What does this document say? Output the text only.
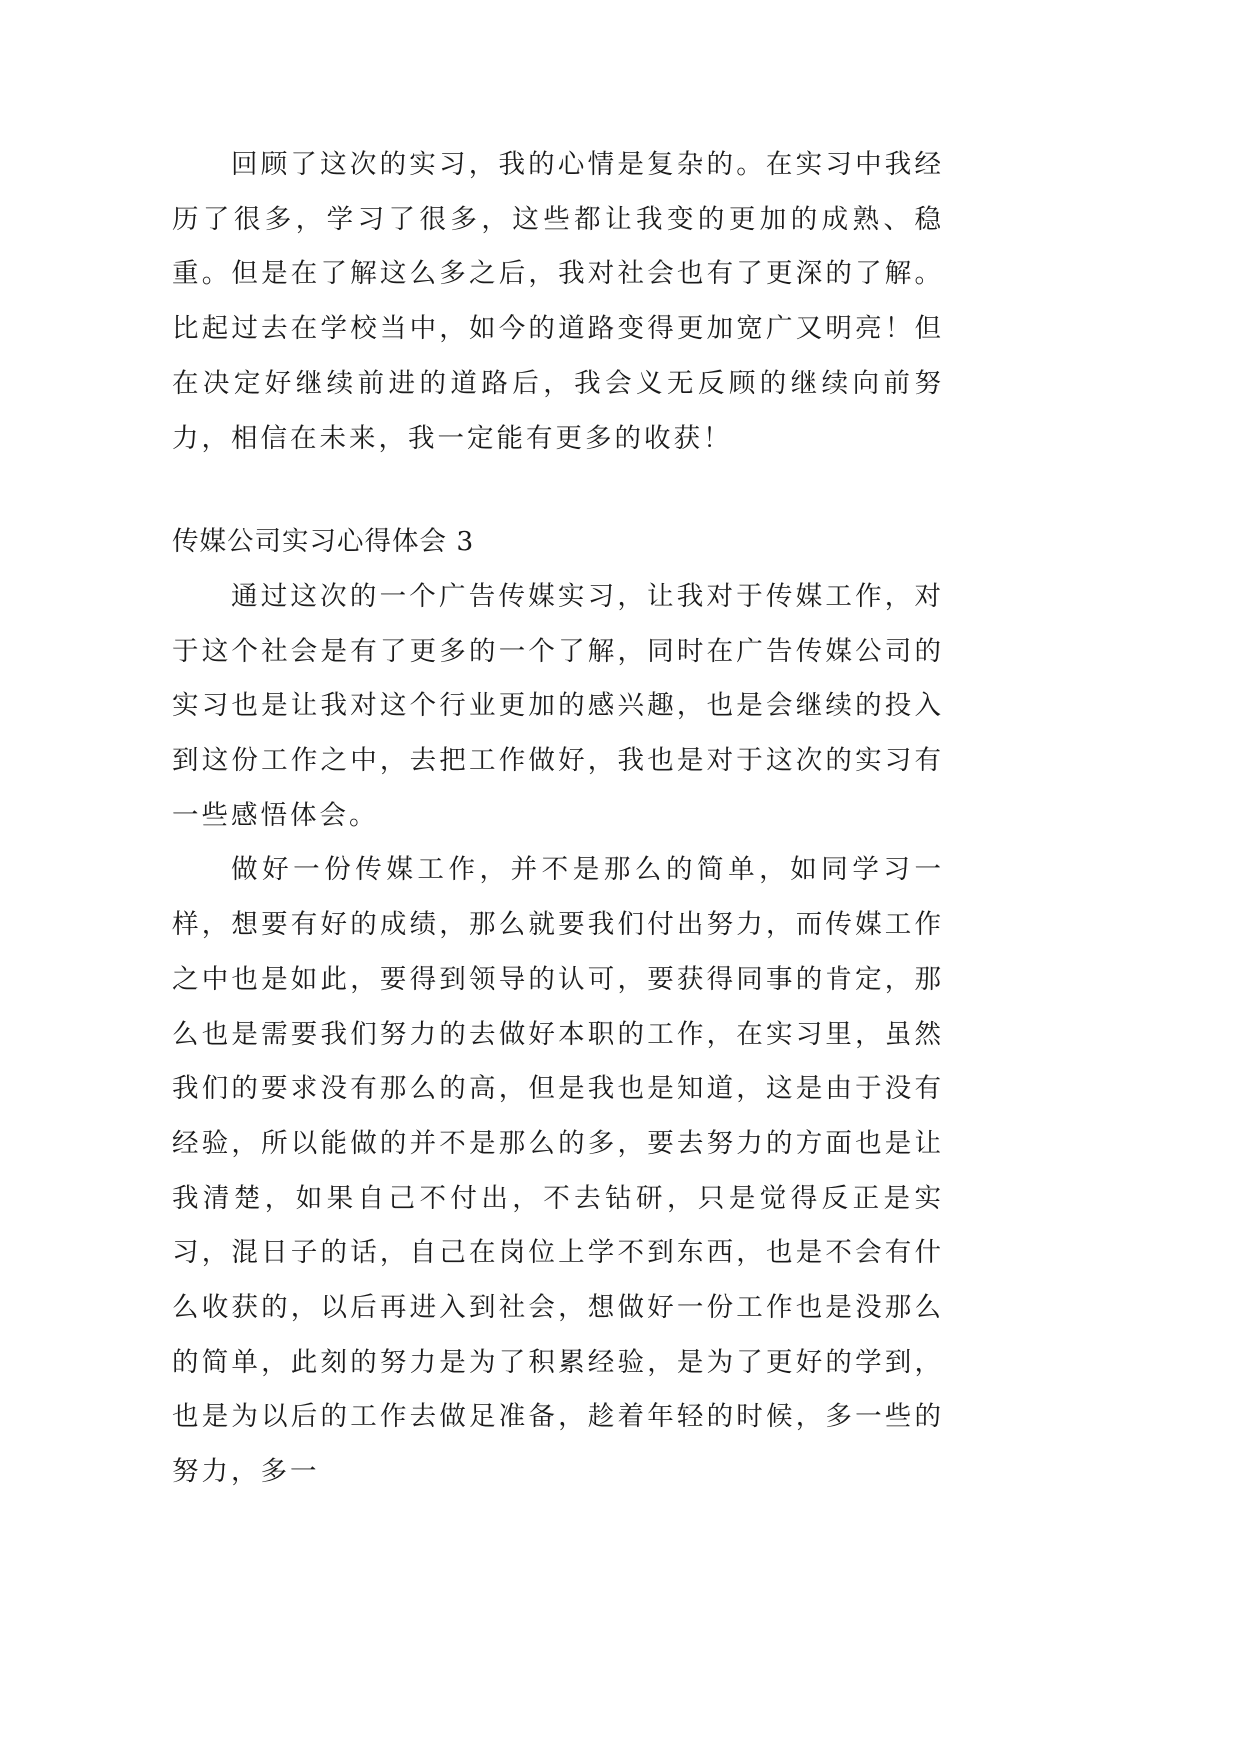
回顾了这次的实习，我的心情是复杂的。在实习中我经历了很多，学习了很多，这些都让我变的更加的成熟、稳重。但是在了解这么多之后，我对社会也有了更深的了解。比起过去在学校当中，如今的道路变得更加宽广又明亮！但在决定好继续前进的道路后，我会义无反顾的继续向前努力，相信在未来，我一定能有更多的收获！

传媒公司实习心得体会 3

通过这次的一个广告传媒实习，让我对于传媒工作，对于这个社会是有了更多的一个了解，同时在广告传媒公司的实习也是让我对这个行业更加的感兴趣，也是会继续的投入到这份工作之中，去把工作做好，我也是对于这次的实习有一些感悟体会。

做好一份传媒工作，并不是那么的简单，如同学习一样，想要有好的成绩，那么就要我们付出努力，而传媒工作之中也是如此，要得到领导的认可，要获得同事的肯定，那么也是需要我们努力的去做好本职的工作，在实习里，虽然我们的要求没有那么的高，但是我也是知道，这是由于没有经验，所以能做的并不是那么的多，要去努力的方面也是让我清楚，如果自己不付出，不去钻研，只是觉得反正是实习，混日子的话，自己在岗位上学不到东西，也是不会有什么收获的，以后再进入到社会，想做好一份工作也是没那么的简单，此刻的努力是为了积累经验，是为了更好的学到，也是为以后的工作去做足准备，趁着年轻的时候，多一些的努力，多一
